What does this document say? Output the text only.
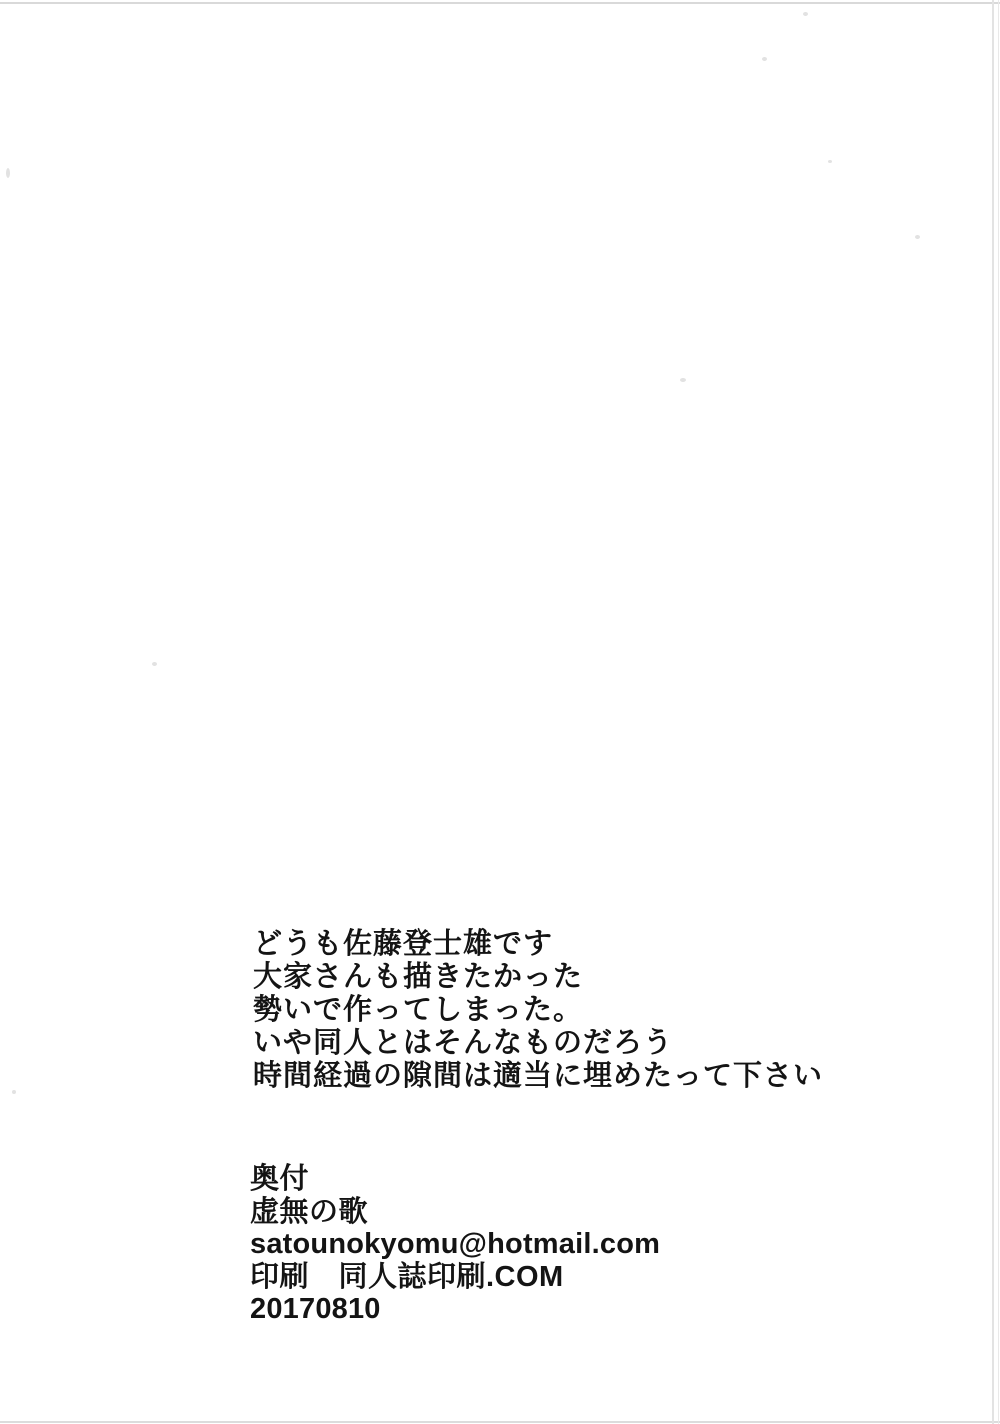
どうも佐藤登士雄です
大家さんも描きたかった
勢いで作ってしまった。
いや同人とはそんなものだろう
時間経過の隙間は適当に埋めたって下さい
奥付
虚無の歌
satounokyomu@hotmail.com
印刷　同人誌印刷.COM
20170810
